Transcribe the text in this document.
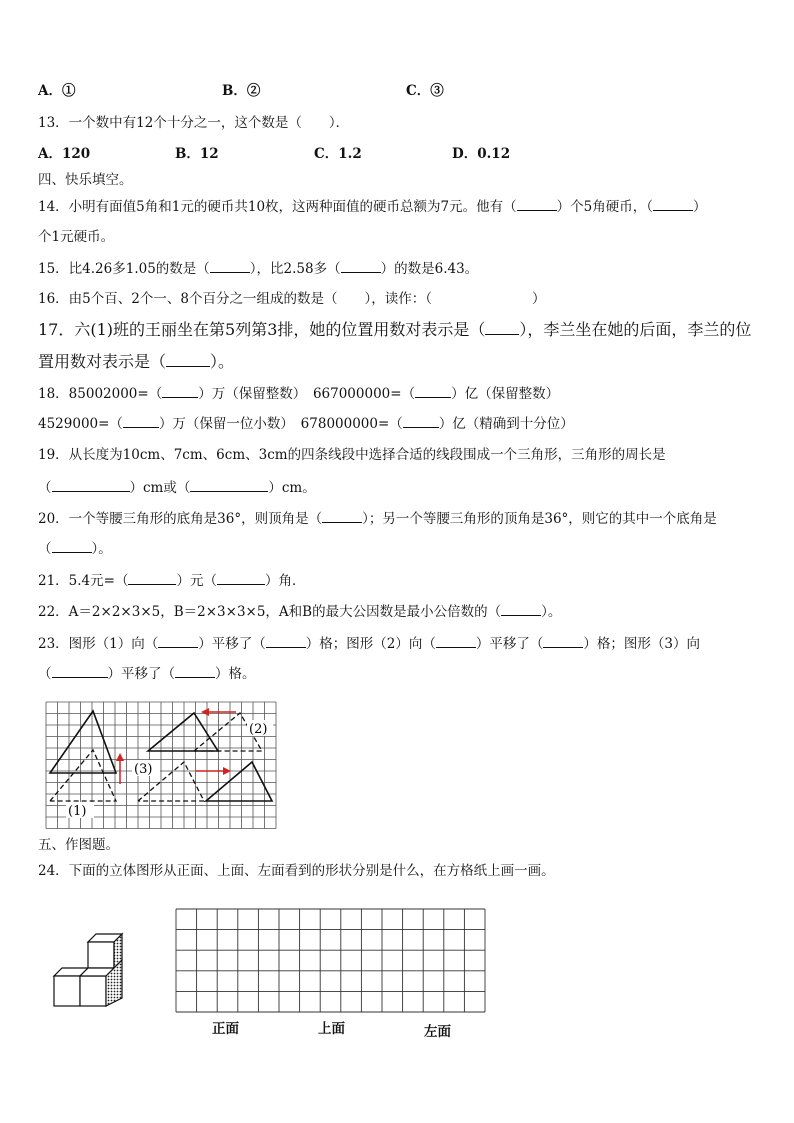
A．①	B．②	C．③
13．一个数中有12个十分之一，这个数是（　　）．
A．120	B．12	C．1.2	D．0.12
四、快乐填空。
14．小明有面值5角和1元的硬币共10枚，这两种面值的硬币总额为7元。他有（	）个5角硬币，（	）
个1元硬币。
15．比4.26多1.05的数是（	），比2.58多（	）的数是6.43。
16．由5个百、2个一、8个百分之一组成的数是（　　），读作：（	）
17．六(1)班的王丽坐在第5列第3排，她的位置用数对表示是（ ），李兰坐在她的后面，李兰的位
置用数对表示是（	）。
18．85002000=（	）万（保留整数）　667000000=（	）亿（保留整数）
4529000=（	）万（保留一位小数）　678000000=（	）亿（精确到十分位）
19．从长度为10cm、7cm、6cm、3cm的四条线段中选择合适的线段围成一个三角形，三角形的周长是
（	）cm或（	）cm。
20．一个等腰三角形的底角是36°，则顶角是（	）；另一个等腰三角形的顶角是36°，则它的其中一个底角是
（	）。
21．5.4元=（	）元（	）角．
22．A＝2×2×3×5，B＝2×3×3×5，A和B的最大公因数是最小公倍数的（	）。
23．图形（1）向（	）平移了（	）格；图形（2）向（	）平移了（	）格；图形（3）向
（	）平移了（	）格。
(1)
(2)
(3)
五、作图题。
24．下面的立体图形从正面、上面、左面看到的形状分别是什么，在方格纸上画一画。
正面	上面	左面
